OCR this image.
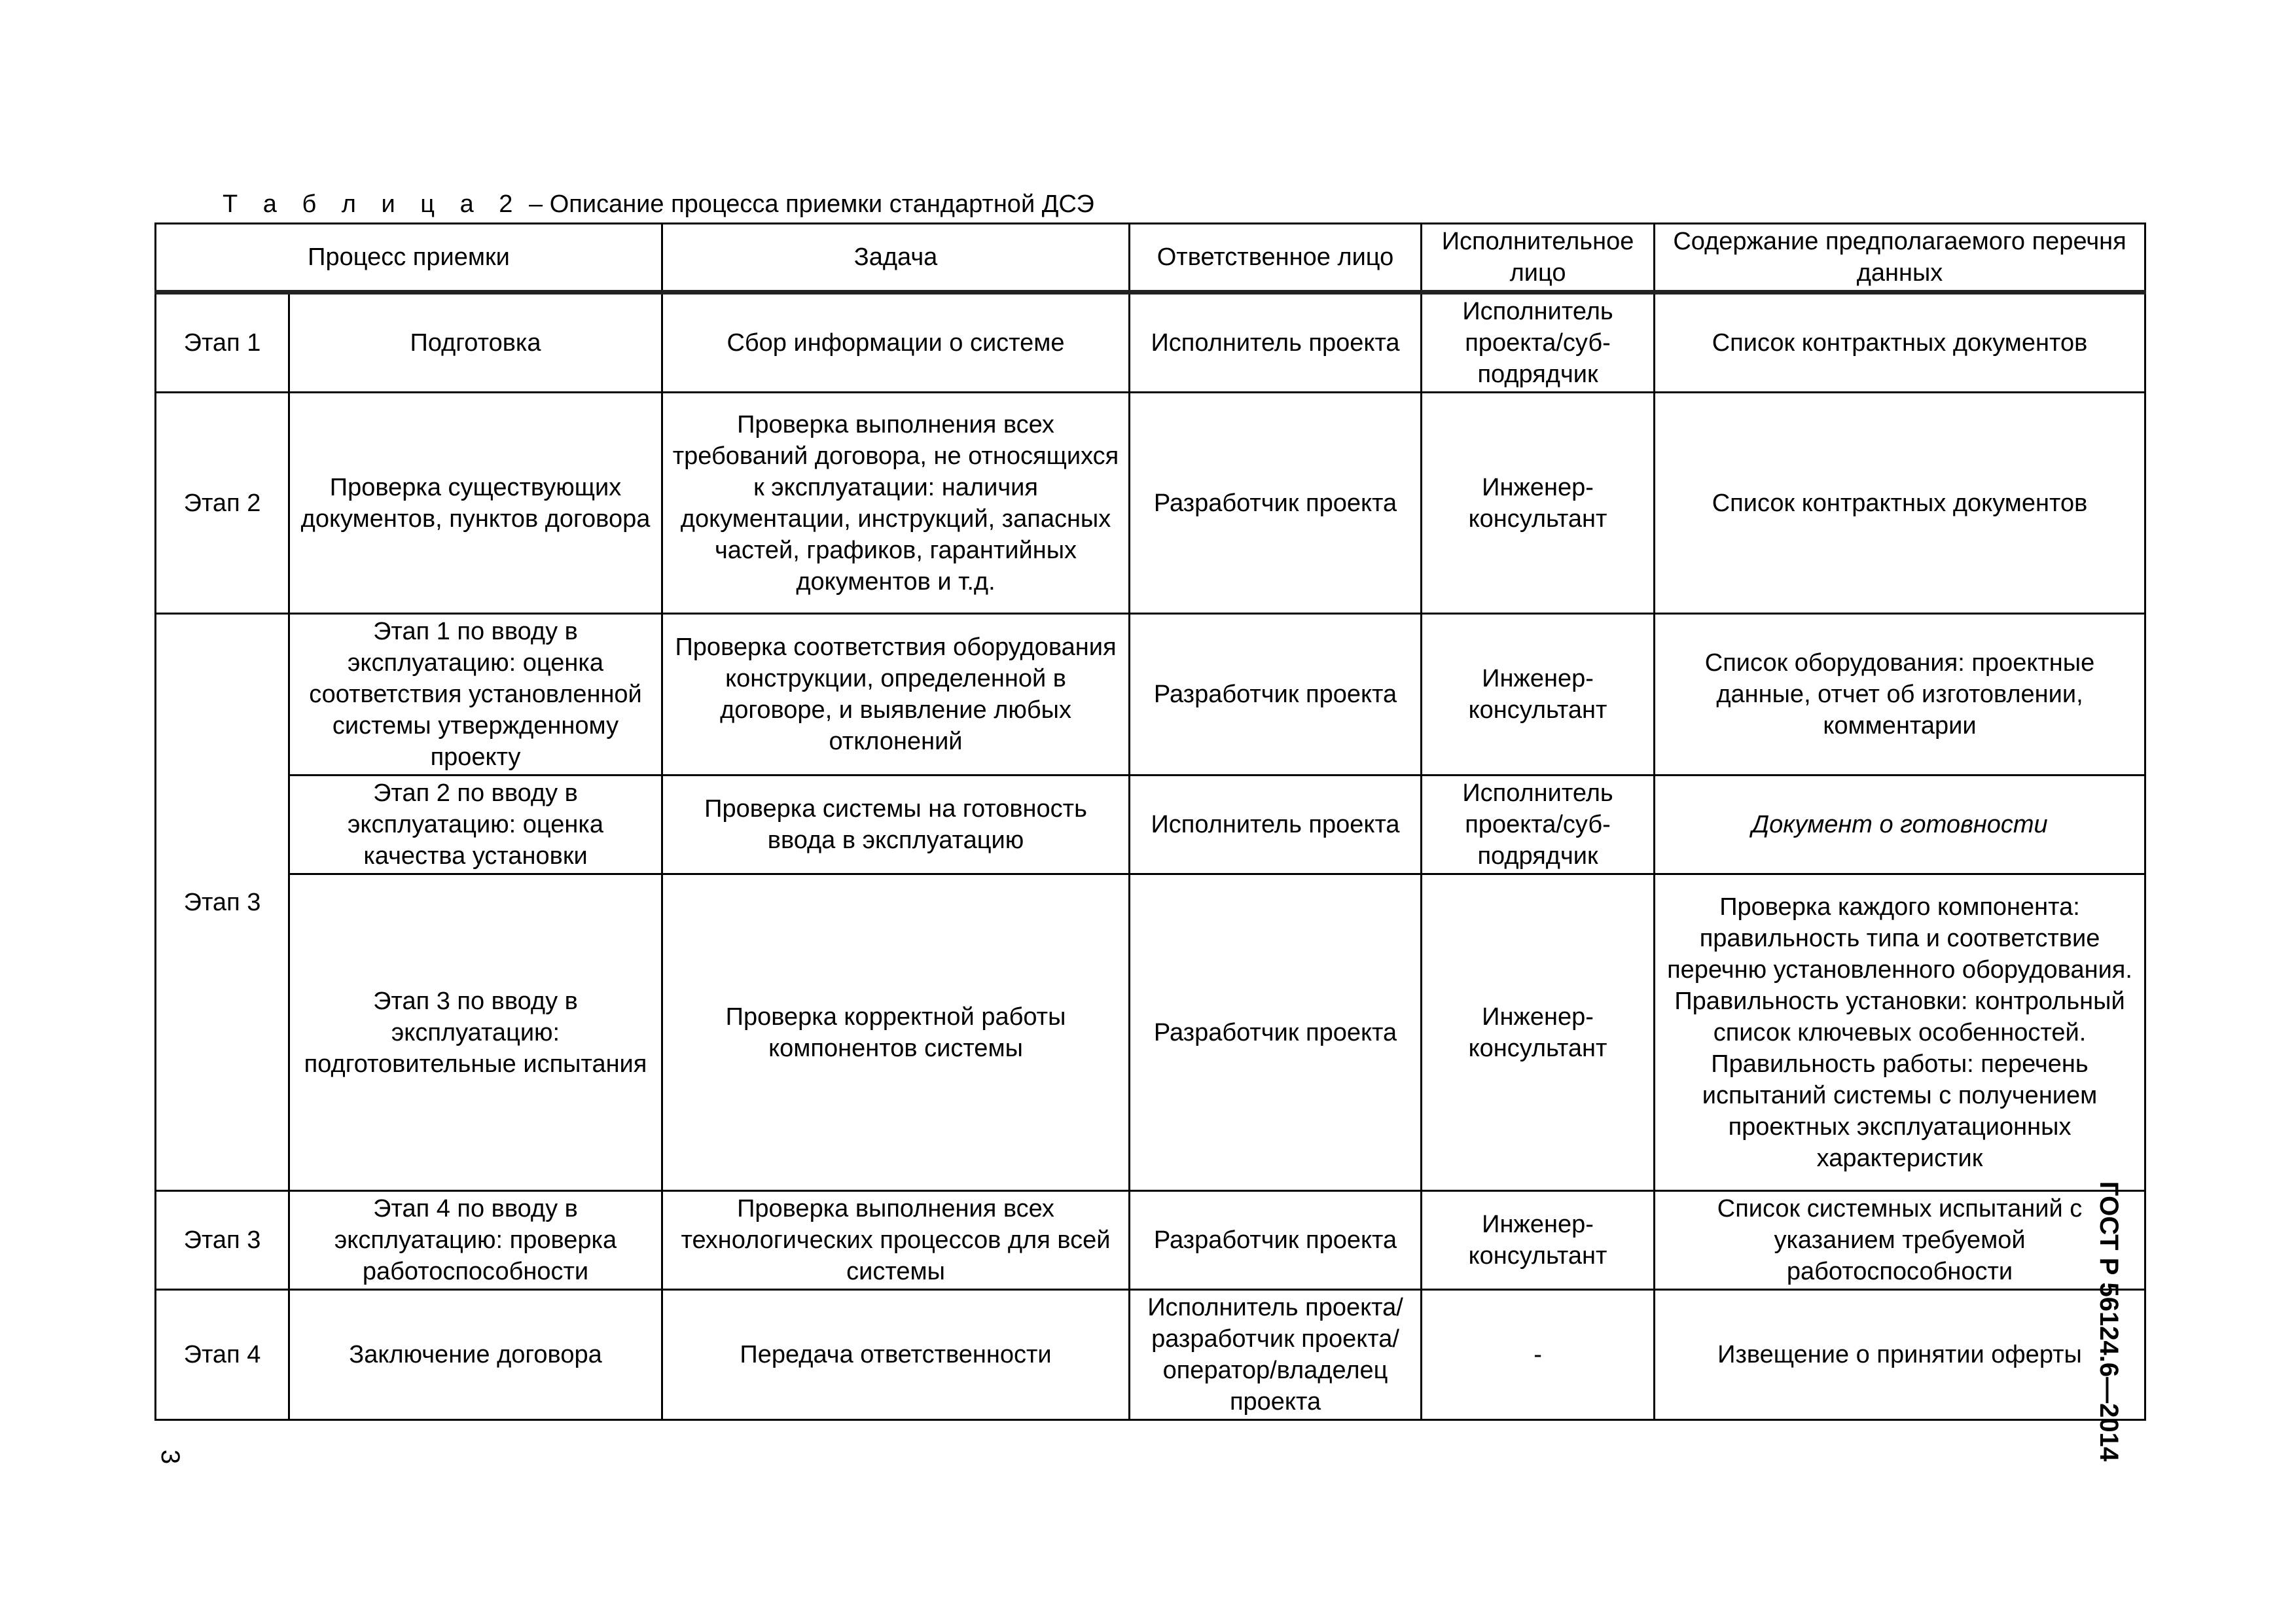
Т а б л и ц а 2 – Описание процесса приемки стандартной ДСЭ
Процесс приемки		Задача	Ответственное лицо	Исполнительное лицо	Содержание предполагаемого перечня данных
Этап 1	Подготовка	Сбор информации о системе	Исполнитель проекта	Исполнитель проекта/суб-подрядчик	Список контрактных документов
Этап 2	Проверка существующих документов, пунктов договора	Проверка выполнения всех требований договора, не относящихся к эксплуатации: наличия документации, инструкций, запасных частей, графиков, гарантийных документов и т.д.	Разработчик проекта	Инженер-консультант	Список контрактных документов
Этап 3	Этап 1 по вводу в эксплуатацию: оценка соответствия установленной системы утвержденному проекту	Проверка соответствия оборудования конструкции, определенной в договоре, и выявление любых отклонений	Разработчик проекта	Инженер-консультант	Список оборудования: проектные данные, отчет об изготовлении, комментарии
	Этап 2 по вводу в эксплуатацию: оценка качества установки	Проверка системы на готовность ввода в эксплуатацию	Исполнитель проекта	Исполнитель проекта/суб-подрядчик	Документ о готовности
	Этап 3 по вводу в эксплуатацию: подготовительные испытания	Проверка корректной работы компонентов системы	Разработчик проекта	Инженер-консультант	Проверка каждого компонента: правильность типа и соответствие перечню установленного оборудования. Правильность установки: контрольный список ключевых особенностей. Правильность работы: перечень испытаний системы с получением проектных эксплуатационных характеристик
Этап 3	Этап 4 по вводу в эксплуатацию: проверка работоспособности	Проверка выполнения всех технологических процессов для всей системы	Разработчик проекта	Инженер-консультант	Список системных испытаний с указанием требуемой работоспособности
Этап 4	Заключение договора	Передача ответственности	Исполнитель проекта/разработчик проекта/оператор/владелец проекта	-	Извещение о принятии оферты ГОСТ Р 56124.6—2014
3
